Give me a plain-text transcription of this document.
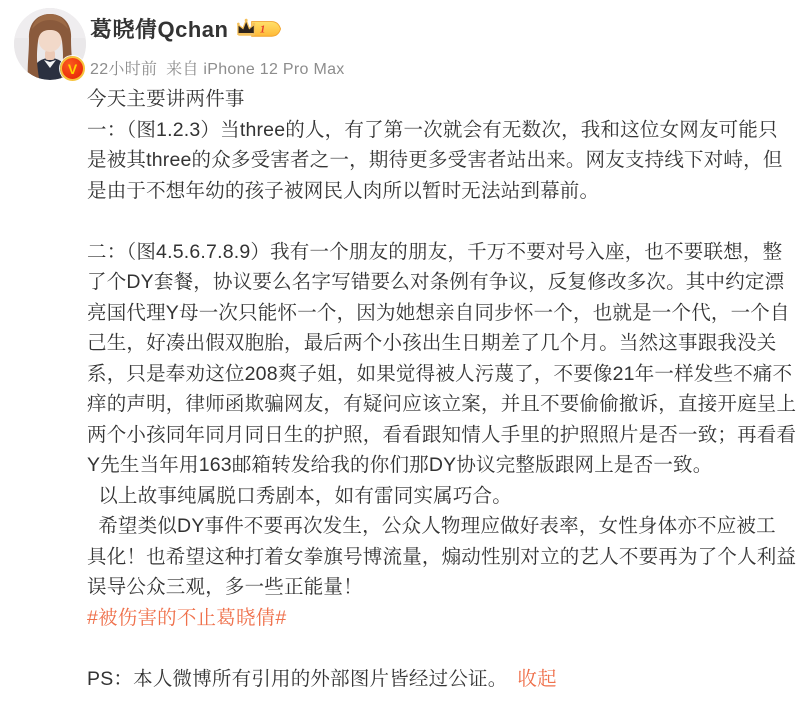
V
葛晓倩Qchan	1
22小时前 来自 iPhone 12 Pro Max
今天主要讲两件事
一：（图1.2.3）当three的人，有了第一次就会有无数次，我和这位女网友可能只
是被其three的众多受害者之一，期待更多受害者站出来。网友支持线下对峙，但
是由于不想年幼的孩子被网民人肉所以暂时无法站到幕前。
二：（图4.5.6.7.8.9）我有一个朋友的朋友，千万不要对号入座，也不要联想，整
了个DY套餐，协议要么名字写错要么对条例有争议，反复修改多次。其中约定漂
亮国代理Y母一次只能怀一个，因为她想亲自同步怀一个，也就是一个代，一个自
己生，好凑出假双胞胎，最后两个小孩出生日期差了几个月。当然这事跟我没关
系，只是奉劝这位208爽子姐，如果觉得被人污蔑了，不要像21年一样发些不痛不
痒的声明，律师函欺骗网友，有疑问应该立案，并且不要偷偷撤诉，直接开庭呈上
两个小孩同年同月同日生的护照，看看跟知情人手里的护照照片是否一致；再看看
Y先生当年用163邮箱转发给我的你们那DY协议完整版跟网上是否一致。
以上故事纯属脱口秀剧本，如有雷同实属巧合。
希望类似DY事件不要再次发生，公众人物理应做好表率，女性身体亦不应被工
具化！也希望这种打着女拳旗号博流量，煽动性别对立的艺人不要再为了个人利益
误导公众三观，多一些正能量！
#被伤害的不止葛晓倩#
PS：本人微博所有引用的外部图片皆经过公证。 收起
